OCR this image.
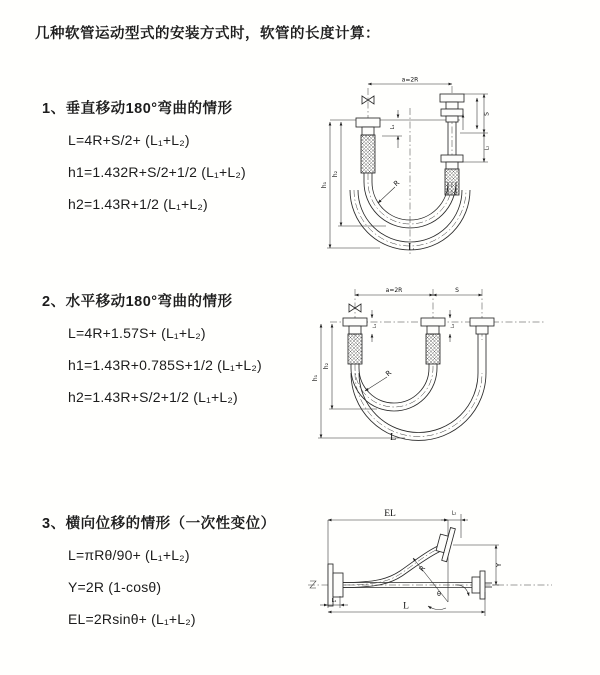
几种软管运动型式的安装方式时，软管的长度计算：
1、垂直移动180°弯曲的情形
L=4R+S/2+ (L₁+L₂)
h1=1.432R+S/2+1/2 (L₁+L₂)
h2=1.43R+1/2 (L₁+L₂)
2、水平移动180°弯曲的情形
L=4R+1.57S+ (L₁+L₂)
h1=1.43R+0.785S+1/2 (L₁+L₂)
h2=1.43R+S/2+1/2 (L₁+L₂)
3、横向位移的情形（一次性变位）
L=πRθ/90+ (L₁+L₂)
Y=2R (1-cosθ)
EL=2Rsinθ+ (L₁+L₂)
a=2R
h₁
h₂
L₁
S
L₂
R
L
a=2R	S
L₁	L₂
h₁
h₂
R
L
EL	L₂
R
θ
Y
L
L₁
